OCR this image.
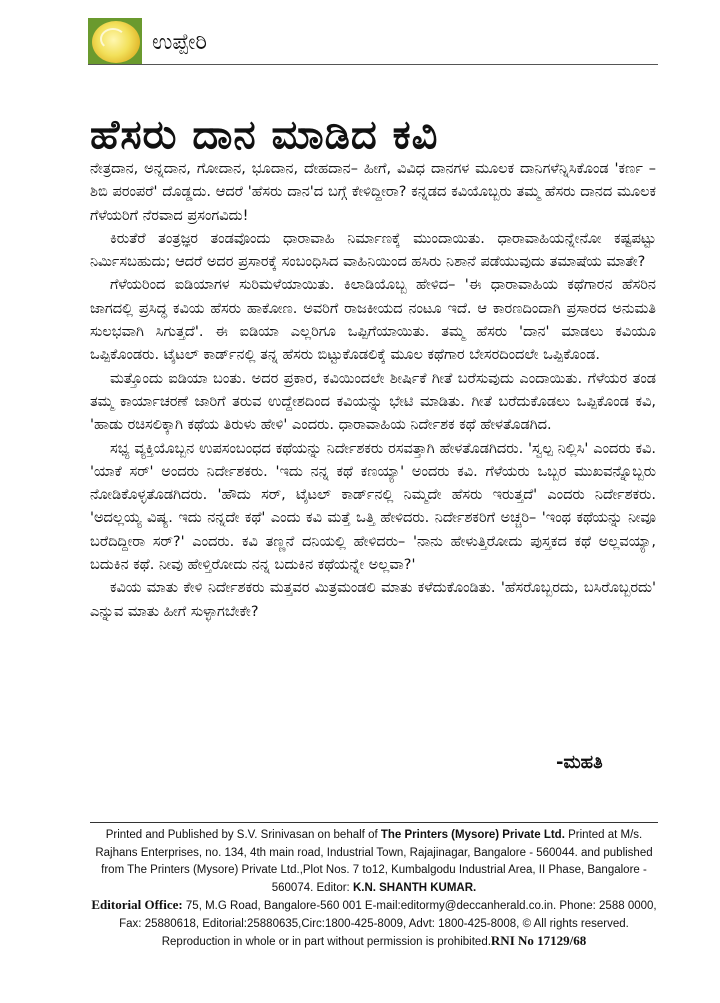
ಉಪ್ಪೇರಿ
ಹೆಸರು ದಾನ ಮಾಡಿದ ಕವಿ

ನೇತ್ರದಾನ, ಅನ್ನದಾನ, ಗೋದಾನ, ಭೂದಾನ, ದೇಹದಾನ– ಹೀಗೆ, ವಿವಿಧ ದಾನಗಳ ಮೂಲಕ ದಾನಿಗಳೆನ್ನಿಸಿಕೊಂಡ 'ಕರ್ಣ – ಶಿಬಿ ಪರಂಪರೆ' ದೊಡ್ಡದು. ಆದರೆ 'ಹೆಸರು ದಾನ'ದ ಬಗ್ಗೆ ಕೇಳಿದ್ದೀರಾ? ಕನ್ನಡದ ಕವಿಯೊಬ್ಬರು ತಮ್ಮ ಹೆಸರು ದಾನದ ಮೂಲಕ ಗೆಳೆಯರಿಗೆ ನೆರವಾದ ಪ್ರಸಂಗವಿದು!

ಕಿರುತೆರೆ ತಂತ್ರಜ್ಞರ ತಂಡವೊಂದು ಧಾರಾವಾಹಿ ನಿರ್ಮಾಣಕ್ಕೆ ಮುಂದಾಯಿತು. ಧಾರಾವಾಹಿಯನ್ನೇನೋ ಕಷ್ಟಪಟ್ಟು ನಿರ್ಮಿಸಬಹುದು; ಆದರೆ ಅದರ ಪ್ರಸಾರಕ್ಕೆ ಸಂಬಂಧಿಸಿದ ವಾಹಿನಿಯಿಂದ ಹಸಿರು ನಿಶಾನೆ ಪಡೆಯುವುದು ತಮಾಷೆಯ ಮಾತೇ?

ಗೆಳೆಯರಿಂದ ಐಡಿಯಾಗಳ ಸುರಿಮಳೆಯಾಯಿತು. ಕಿಲಾಡಿಯೊಬ್ಬ ಹೇಳಿದ– 'ಈ ಧಾರಾವಾಹಿಯ ಕಥೆಗಾರನ ಹೆಸರಿನ ಜಾಗದಲ್ಲಿ ಪ್ರಸಿದ್ಧ ಕವಿಯ ಹೆಸರು ಹಾಕೋಣ. ಅವರಿಗೆ ರಾಜಕೀಯದ ನಂಟೂ ಇದೆ. ಆ ಕಾರಣದಿಂದಾಗಿ ಪ್ರಸಾರದ ಅನುಮತಿ ಸುಲಭವಾಗಿ ಸಿಗುತ್ತದೆ'. ಈ ಐಡಿಯಾ ಎಲ್ಲರಿಗೂ ಒಪ್ಪಿಗೆಯಾಯಿತು. ತಮ್ಮ ಹೆಸರು 'ದಾನ' ಮಾಡಲು ಕವಿಯೂ ಒಪ್ಪಿಕೊಂಡರು. ಟೈಟಲ್ ಕಾರ್ಡ್‌ನಲ್ಲಿ ತನ್ನ ಹೆಸರು ಬಿಟ್ಟುಕೊಡಲಿಕ್ಕೆ ಮೂಲ ಕಥೆಗಾರ ಬೇಸರದಿಂದಲೇ ಒಪ್ಪಿಕೊಂಡ.

ಮತ್ತೊಂದು ಐಡಿಯಾ ಬಂತು. ಅದರ ಪ್ರಕಾರ, ಕವಿಯಿಂದಲೇ ಶೀರ್ಷಿಕೆ ಗೀತೆ ಬರೆಸುವುದು ಎಂದಾಯಿತು. ಗೆಳೆಯರ ತಂಡ ತಮ್ಮ ಕಾರ್ಯಾಚರಣೆ ಜಾರಿಗೆ ತರುವ ಉದ್ದೇಶದಿಂದ ಕವಿಯನ್ನು ಭೇಟಿ ಮಾಡಿತು. ಗೀತೆ ಬರೆದುಕೊಡಲು ಒಪ್ಪಿಕೊಂಡ ಕವಿ, 'ಹಾಡು ರಚಿಸಲಿಕ್ಕಾಗಿ ಕಥೆಯ ತಿರುಳು ಹೇಳಿ' ಎಂದರು. ಧಾರಾವಾಹಿಯ ನಿರ್ದೇಶಕ ಕಥೆ ಹೇಳತೊಡಗಿದ.

ಸಭ್ಯ ವ್ಯಕ್ತಿಯೊಬ್ಬನ ಉಪಸಂಬಂಧದ ಕಥೆಯನ್ನು ನಿರ್ದೇಶಕರು ರಸವತ್ತಾಗಿ ಹೇಳತೊಡಗಿದರು. 'ಸ್ವಲ್ಪ ನಿಲ್ಲಿಸಿ' ಎಂದರು ಕವಿ. 'ಯಾಕೆ ಸರ್' ಅಂದರು ನಿರ್ದೇಶಕರು. 'ಇದು ನನ್ನ ಕಥೆ ಕಣಯ್ಯಾ' ಅಂದರು ಕವಿ. ಗೆಳೆಯರು ಒಬ್ಬರ ಮುಖವನ್ನೊಬ್ಬರು ನೋಡಿಕೊಳ್ಳತೊಡಗಿದರು. 'ಹೌದು ಸರ್, ಟೈಟಲ್ ಕಾರ್ಡ್‌ನಲ್ಲಿ ನಿಮ್ಮದೇ ಹೆಸರು ಇರುತ್ತದೆ' ಎಂದರು ನಿರ್ದೇಶಕರು. 'ಅದಲ್ಲಯ್ಯ ವಿಷ್ಯ. ಇದು ನನ್ನದೇ ಕಥೆ' ಎಂದು ಕವಿ ಮತ್ತೆ ಒತ್ತಿ ಹೇಳಿದರು. ನಿರ್ದೇಶಕರಿಗೆ ಅಚ್ಚರಿ– 'ಇಂಥ ಕಥೆಯನ್ನು ನೀವೂ ಬರೆದಿದ್ದೀರಾ ಸರ್?' ಎಂದರು. ಕವಿ ತಣ್ಣನೆ ದನಿಯಲ್ಲಿ ಹೇಳಿದರು– 'ನಾನು ಹೇಳುತ್ತಿರೋದು ಪುಸ್ತಕದ ಕಥೆ ಅಲ್ಲವಯ್ಯಾ, ಬದುಕಿನ ಕಥೆ. ನೀವು ಹೇಳ್ತಿರೋದು ನನ್ನ ಬದುಕಿನ ಕಥೆಯನ್ನೇ ಅಲ್ಲವಾ?'

ಕವಿಯ ಮಾತು ಕೇಳಿ ನಿರ್ದೇಶಕರು ಮತ್ತವರ ಮಿತ್ರಮಂಡಲಿ ಮಾತು ಕಳೆದುಕೊಂಡಿತು. 'ಹೆಸರೊಬ್ಬರದು, ಬಸಿರೊಬ್ಬರದು' ಎನ್ನುವ ಮಾತು ಹೀಗೆ ಸುಳ್ಳಾಗಬೇಕೇ?

-ಮಹತಿ

Printed and Published by S.V. Srinivasan on behalf of The Printers (Mysore) Private Ltd. Printed at M/s. Rajhans Enterprises, no. 134, 4th main road, Industrial Town, Rajajinagar, Bangalore - 560044. and published from The Printers (Mysore) Private Ltd.,Plot Nos. 7 to12, Kumbalgodu Industrial Area, II Phase, Bangalore - 560074. Editor: K.N. SHANTH KUMAR.

Editorial Office: 75, M.G Road, Bangalore-560 001 E-mail:editormy@deccanherald.co.in. Phone: 2588 0000, Fax: 25880618, Editorial:25880635,Circ:1800-425-8009, Advt: 1800-425-8008, © All rights reserved. Reproduction in whole or in part without permission is prohibited.RNI No 17129/68
